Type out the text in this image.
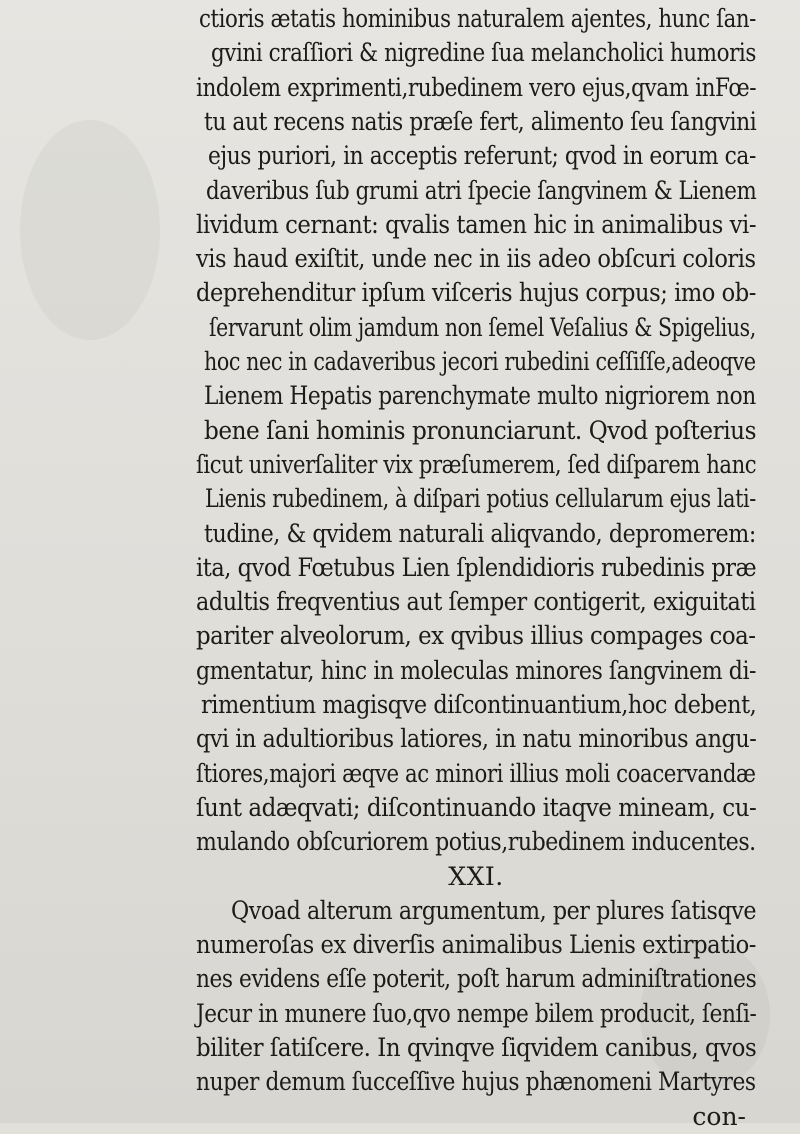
XXI.
con-
ctioris ætatis hominibus naturalem ajentes, hunc ſan-
gvini craſſiori & nigredine ſua melancholici humoris
indolem exprimenti,rubedinem vero ejus,qvam inFœ-
tu aut recens natis præſe fert, alimento ſeu ſangvini
ejus puriori, in acceptis referunt; qvod in eorum ca-
daveribus ſub grumi atri ſpecie ſangvinem & Lienem
lividum cernant: qvalis tamen hic in animalibus vi-
vis haud exiſtit, unde nec in iis adeo obſcuri coloris
deprehenditur ipſum viſceris hujus corpus; imo ob-
ſervarunt olim jamdum non ſemel Veſalius & Spigelius,
hoc nec in cadaveribus jecori rubedini ceſſiſſe,adeoqve
Lienem Hepatis parenchymate multo nigriorem non
bene ſani hominis pronunciarunt. Qvod poſterius
ſicut univerſaliter vix præſumerem, ſed diſparem hanc
Lienis rubedinem, à diſpari potius cellularum ejus lati-
tudine, & qvidem naturali aliqvando, depromerem:
ita, qvod Fœtubus Lien ſplendidioris rubedinis præ
adultis freqventius aut ſemper contigerit, exiguitati
pariter alveolorum, ex qvibus illius compages coa-
gmentatur, hinc in moleculas minores ſangvinem di-
rimentium magisqve diſcontinuantium,hoc debent,
qvi in adultioribus latiores, in natu minoribus angu-
ſtiores,majori æqve ac minori illius moli coacervandæ
ſunt adæqvati; diſcontinuando itaqve mineam, cu-
mulando obſcuriorem potius,rubedinem inducentes.
Qvoad alterum argumentum, per plures ſatisqve
numeroſas ex diverſis animalibus Lienis extirpatio-
nes evidens eſſe poterit, poſt harum adminiſtrationes
Jecur in munere ſuo,qvo nempe bilem producit, ſenſi-
biliter ſatiſcere. In qvinqve ſiqvidem canibus, qvos
nuper demum ſucceſſive hujus phænomeni Martyres
